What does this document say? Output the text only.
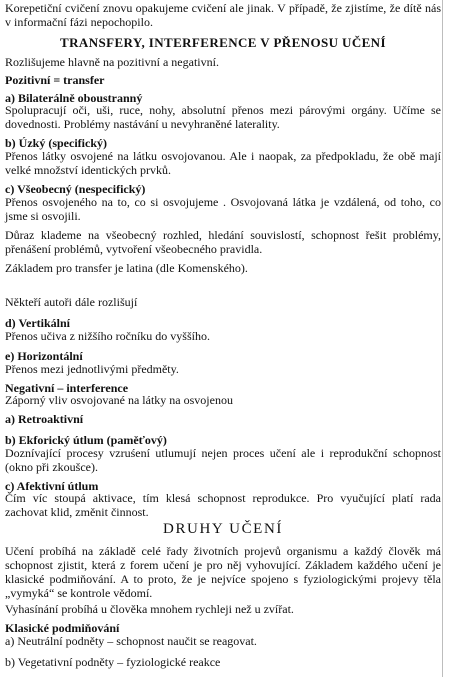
Korepetiční cvičení znovu opakujeme cvičení ale jinak. V případě, že zjistíme, že dítě nás v informační fázi nepochopilo.
TRANSFERY, INTERFERENCE V PŘENOSU UČENÍ
Rozlišujeme hlavně na pozitivní a negativní.
Pozitivní = transfer
a) Bilaterálně oboustranný
Spolupracují oči, uši, ruce, nohy, absolutní přenos mezi párovými orgány. Učíme se dovednosti. Problémy nastávání u nevyhraněné laterality.
b) Úzký (specifický)
Přenos látky osvojené na látku osvojovanou. Ale i naopak, za předpokladu, že obě mají velké množství identických prvků.
c) Všeobecný (nespecifický)
Přenos osvojeného na to, co si osvojujeme . Osvojovaná látka je vzdálená, od toho, co jsme si osvojili.
Důraz klademe na všeobecný rozhled, hledání souvislostí, schopnost řešit problémy, přenášení problémů, vytvoření všeobecného pravidla.
Základem pro transfer je latina (dle Komenského).
Někteří autoři dále rozlišují
d) Vertikální
Přenos učiva z nižšího ročníku do vyššího.
e) Horizontální
Přenos mezi jednotlivými předměty.
Negativní – interference
Záporný vliv osvojované na látky na osvojenou
a) Retroaktivní
b) Ekforický útlum (paměťový)
Doznívající procesy vzruśení utlumují nejen proces učení ale i reprodukční schopnost (okno při zkoušce).
c) Afektivní útlum
Čím víc stoupá aktivace, tím klesá schopnost reprodukce. Pro vyučující platí rada zachovat klid, změnit činnost.
DRUHY UČENÍ
Učení probíhá na základě celé řady životních projevů organismu a každý člověk má schopnost zjistit, která z forem učení je pro něj vyhovující. Základem každého učení je klasické podmiňování. A to proto, že je nejvíce spojeno s fyziologickými projevy těla „vymyká“ se kontrole vědomí.
Vyhasínání probíhá u člověka mnohem rychleji než u zvířat.
Klasické podmiňování
a) Neutrální podněty – schopnost naučit se reagovat.
b) Vegetativní podněty – fyziologické reakce
